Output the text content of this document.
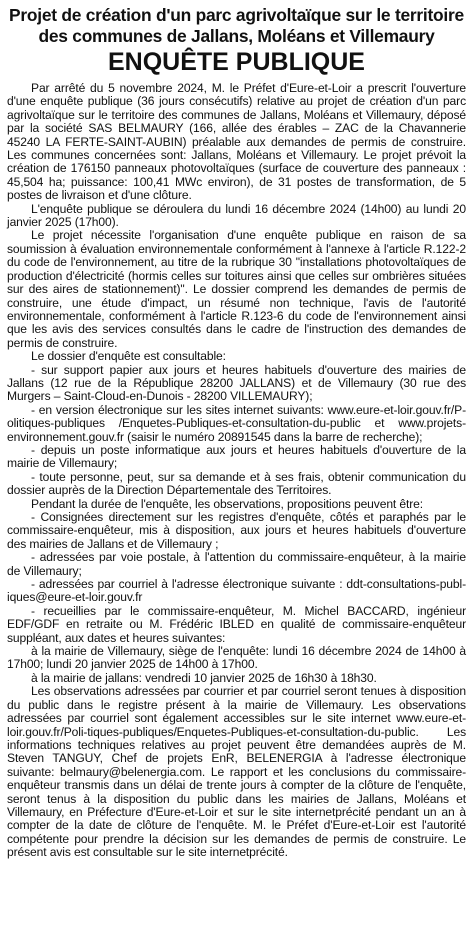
Projet de création d'un parc agrivoltaïque sur le territoire des communes de Jallans, Moléans et Villemaury
ENQUÊTE PUBLIQUE

Par arrêté du 5 novembre 2024, M. le Préfet d'Eure-et-Loir a prescrit l'ouverture d'une enquête publique (36 jours consécutifs) relative au projet de création d'un parc agrivoltaïque sur le territoire des communes de Jallans, Moléans et Villemaury, déposé par la société SAS BELMAURY (166, allée des érables – ZAC de la Chavannerie 45240 LA FERTE-SAINT-AUBIN) préalable aux demandes de permis de construire. Les communes concernées sont: Jallans, Moléans et Villemaury. Le projet prévoit la création de 176150 panneaux photovoltaïques (surface de couverture des panneaux : 45,504 ha; puissance: 100,41 MWc environ), de 31 postes de transformation, de 5 postes de livraison et d'une clôture.

L'enquête publique se déroulera du lundi 16 décembre 2024 (14h00) au lundi 20 janvier 2025 (17h00).

Le projet nécessite l'organisation d'une enquête publique en raison de sa soumission à évaluation environnementale conformément à l'annexe à l'article R.122-2 du code de l'environnement, au titre de la rubrique 30 "installations photovoltaïques de production d'électricité (hormis celles sur toitures ainsi que celles sur ombrières situées sur des aires de stationnement)". Le dossier comprend les demandes de permis de construire, une étude d'impact, un résumé non technique, l'avis de l'autorité environnementale, conformément à l'article R.123-6 du code de l'environnement ainsi que les avis des services consultés dans le cadre de l'instruction des demandes de permis de construire.

Le dossier d'enquête est consultable:

- sur support papier aux jours et heures habituels d'ouverture des mairies de Jallans (12 rue de la République 28200 JALLANS) et de Villemaury (30 rue des Murgers – Saint-Cloud-en-Dunois - 28200 VILLEMAURY);

- en version électronique sur les sites internet suivants: www.eure-et-loir.gouv.fr/P-olitiques-publiques /Enquetes-Publiques-et-consultation-du-public et www.projets-environnement.gouv.fr (saisir le numéro 20891545 dans la barre de recherche);

- depuis un poste informatique aux jours et heures habituels d'ouverture de la mairie de Villemaury;

- toute personne, peut, sur sa demande et à ses frais, obtenir communication du dossier auprès de la Direction Départementale des Territoires.

Pendant la durée de l'enquête, les observations, propositions peuvent être:

- Consignées directement sur les registres d'enquête, côtés et paraphés par le commissaire-enquêteur, mis à disposition, aux jours et heures habituels d'ouverture des mairies de Jallans et de Villemaury ;

- adressées par voie postale, à l'attention du commissaire-enquêteur, à la mairie de Villemaury;

- adressées par courriel à l'adresse électronique suivante : ddt-consultations-publ-iques@eure-et-loir.gouv.fr

- recueillies par le commissaire-enquêteur, M. Michel BACCARD, ingénieur EDF/GDF en retraite ou M. Frédéric IBLED en qualité de commissaire-enquêteur suppléant, aux dates et heures suivantes:

à la mairie de Villemaury, siège de l'enquête: lundi 16 décembre 2024 de 14h00 à 17h00; lundi 20 janvier 2025 de 14h00 à 17h00.

à la mairie de jallans: vendredi 10 janvier 2025 de 16h30 à 18h30.

Les observations adressées par courrier et par courriel seront tenues à disposition du public dans le registre présent à la mairie de Villemaury. Les observations adressées par courriel sont également accessibles sur le site internet www.eure-et-loir.gouv.fr/Poli-tiques-publiques/Enquetes-Publiques-et-consultation-du-public. Les informations techniques relatives au projet peuvent être demandées auprès de M. Steven TANGUY, Chef de projets EnR, BELENERGIA à l'adresse électronique suivante: belmaury@belenergia.com. Le rapport et les conclusions du commissaire-enquêteur transmis dans un délai de trente jours à compter de la clôture de l'enquête, seront tenus à la disposition du public dans les mairies de Jallans, Moléans et Villemaury, en Préfecture d'Eure-et-Loir et sur le site internetprécité pendant un an à compter de la date de clôture de l'enquête. M. le Préfet d'Eure-et-Loir est l'autorité compétente pour prendre la décision sur les demandes de permis de construire. Le présent avis est consultable sur le site internetprécité.
